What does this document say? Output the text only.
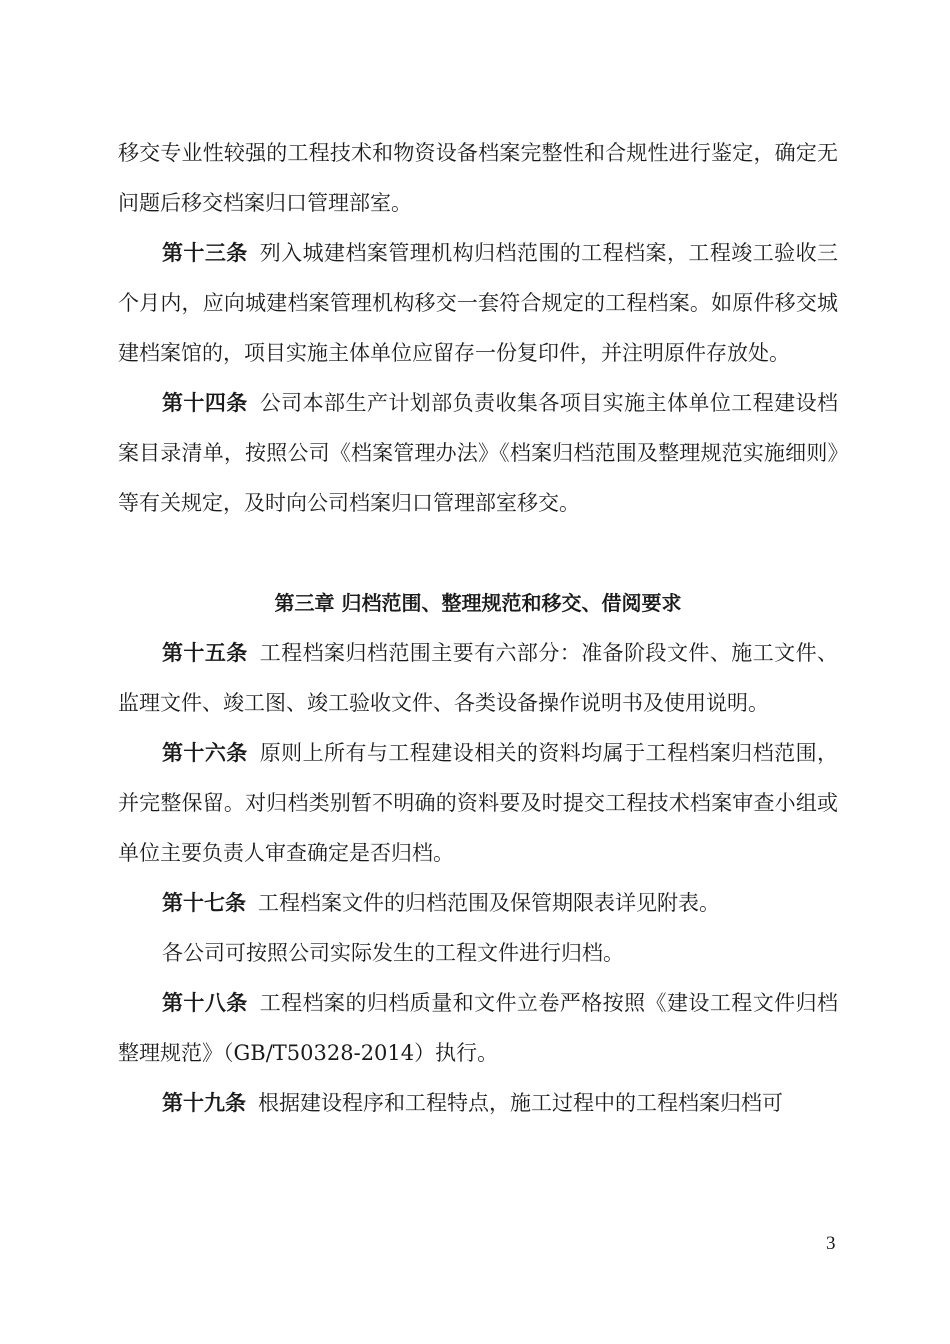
移交专业性较强的工程技术和物资设备档案完整性和合规性进行鉴定，确定无问题后移交档案归口管理部室。

第十三条 列入城建档案管理机构归档范围的工程档案，工程竣工验收三个月内，应向城建档案管理机构移交一套符合规定的工程档案。如原件移交城建档案馆的，项目实施主体单位应留存一份复印件，并注明原件存放处。

第十四条 公司本部生产计划部负责收集各项目实施主体单位工程建设档案目录清单，按照公司《档案管理办法》《档案归档范围及整理规范实施细则》等有关规定，及时向公司档案归口管理部室移交。

第三章 归档范围、整理规范和移交、借阅要求

第十五条 工程档案归档范围主要有六部分：准备阶段文件、施工文件、监理文件、竣工图、竣工验收文件、各类设备操作说明书及使用说明。

第十六条 原则上所有与工程建设相关的资料均属于工程档案归档范围，并完整保留。对归档类别暂不明确的资料要及时提交工程技术档案审查小组或单位主要负责人审查确定是否归档。

第十七条 工程档案文件的归档范围及保管期限表详见附表。

各公司可按照公司实际发生的工程文件进行归档。

第十八条 工程档案的归档质量和文件立卷严格按照《建设工程文件归档整理规范》（GB/T50328-2014）执行。

第十九条 根据建设程序和工程特点，施工过程中的工程档案归档可

3
